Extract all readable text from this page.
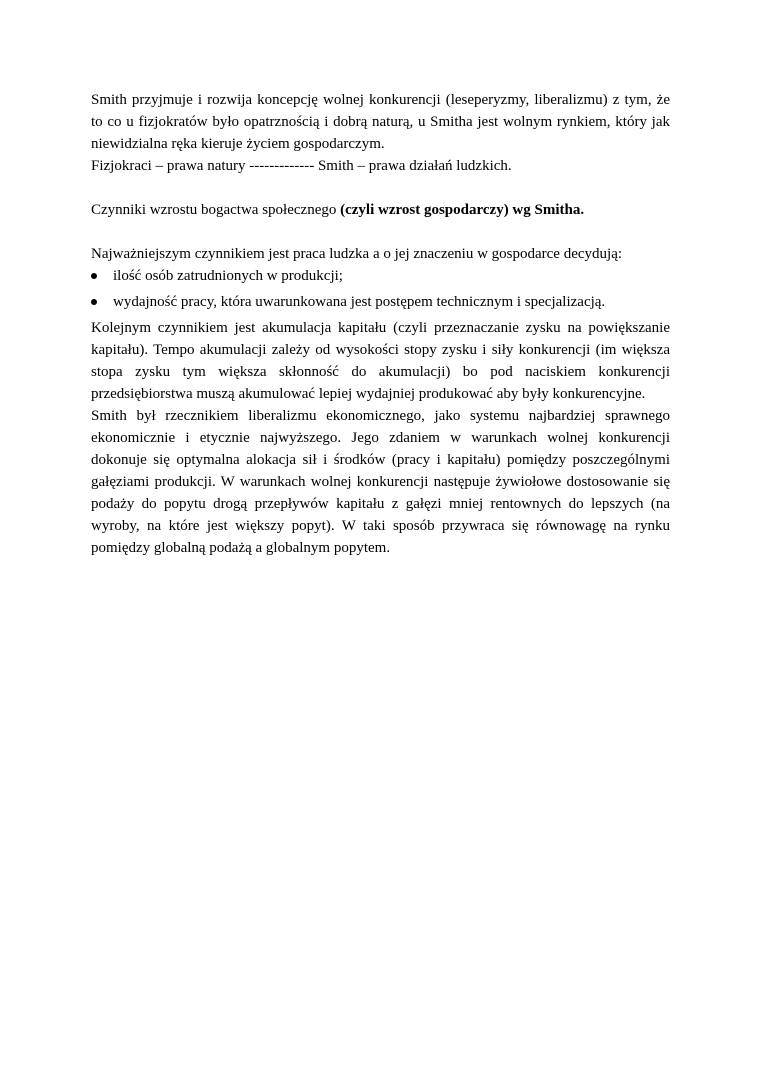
Smith przyjmuje i rozwija koncepcję wolnej konkurencji (leseperyzmy, liberalizmu) z tym, że to co u fizjokratów było opatrznością i dobrą naturą, u Smitha jest wolnym rynkiem, który jak niewidzialna ręka kieruje życiem gospodarczym.

Fizjokraci – prawa natury ------------- Smith – prawa działań ludzkich.

Czynniki wzrostu bogactwa społecznego (czyli wzrost gospodarczy) wg Smitha.

Najważniejszym czynnikiem jest praca ludzka a o jej znaczeniu w gospodarce decydują:

ilość osób zatrudnionych w produkcji;
wydajność pracy, która uwarunkowana jest postępem technicznym i specjalizacją.

Kolejnym czynnikiem jest akumulacja kapitału (czyli przeznaczanie zysku na powiększanie kapitału). Tempo akumulacji zależy od wysokości stopy zysku i siły konkurencji (im większa stopa zysku tym większa skłonność do akumulacji) bo pod naciskiem konkurencji przedsiębiorstwa muszą akumulować lepiej wydajniej produkować aby były konkurencyjne.

Smith był rzecznikiem liberalizmu ekonomicznego, jako systemu najbardziej sprawnego ekonomicznie i etycznie najwyższego. Jego zdaniem w warunkach wolnej konkurencji dokonuje się optymalna alokacja sił i środków (pracy i kapitału) pomiędzy poszczególnymi gałęziami produkcji. W warunkach wolnej konkurencji następuje żywiołowe dostosowanie się podaży do popytu drogą przepływów kapitału z gałęzi mniej rentownych do lepszych (na wyroby, na które jest większy popyt). W taki sposób przywraca się równowagę na rynku pomiędzy globalną podażą a globalnym popytem.
